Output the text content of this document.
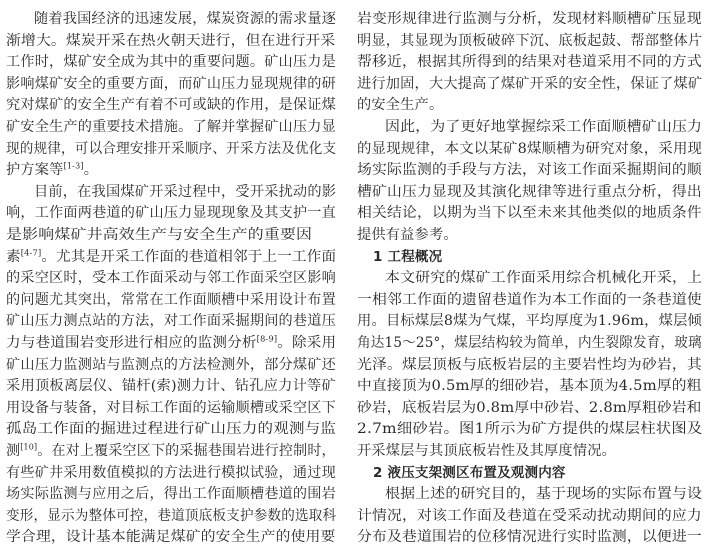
随着我国经济的迅速发展，煤炭资源的需求量逐
渐增大。煤炭开采在热火朝天进行，但在进行开采
工作时，煤矿安全成为其中的重要问题。矿山压力是
影响煤矿安全的重要方面，而矿山压力显现规律的研
究对煤矿的安全生产有着不可或缺的作用，是保证煤
矿安全生产的重要技术措施。了解并掌握矿山压力显
现的规律，可以合理安排开采顺序、开采方法及优化支
护方案等[1-3]。
目前，在我国煤矿开采过程中，受开采扰动的影
响，工作面两巷道的矿山压力显现现象及其支护一直
是影响煤矿井高效生产与安全生产的重要因
素[4-7]。尤其是开采工作面的巷道相邻于上一工作面
的采空区时，受本工作面采动与邻工作面采空区影响
的问题尤其突出，常常在工作面顺槽中采用设计布置
矿山压力测点站的方法，对工作面采掘期间的巷道压
力与巷道围岩变形进行相应的监测分析[8-9]。除采用
矿山压力监测站与监测点的方法检测外，部分煤矿还
采用顶板离层仪、锚杆(索)测力计、钻孔应力计等矿
用设备与装备，对目标工作面的运输顺槽或采空区下
孤岛工作面的掘进过程进行矿山压力的观测与监
测[10]。在对上覆采空区下的采掘巷围岩进行控制时，
有些矿井采用数值模拟的方法进行模拟试验，通过现
场实际监测与应用之后，得出工作面顺槽巷道的围岩
变形，显示为整体可控，巷道顶底板支护参数的选取科
学合理，设计基本能满足煤矿的安全生产的使用要
岩变形规律进行监测与分析，发现材料顺槽矿压显现
明显，其显现为顶板破碎下沉、底板起鼓、帮部整体片
帮移近，根据其所得到的结果对巷道采用不同的方式
进行加固，大大提高了煤矿开采的安全性，保证了煤矿
的安全生产。
因此，为了更好地掌握综采工作面顺槽矿山压力
的显现规律，本文以某矿8煤顺槽为研究对象，采用现
场实际监测的手段与方法，对该工作面采掘期间的顺
槽矿山压力显现及其演化规律等进行重点分析，得出
相关结论，以期为当下以至未来其他类似的地质条件
提供有益参考。
1 工程概况
本文研究的煤矿工作面采用综合机械化开采，上
一相邻工作面的遗留巷道作为本工作面的一条巷道使
用。目标煤层8煤为气煤，平均厚度为1.96m，煤层倾
角达15～25°，煤层结构较为简单，内生裂隙发育，玻璃
光泽。煤层顶板与底板岩层的主要岩性均为砂岩，其
中直接顶为0.5m厚的细砂岩，基本顶为4.5m厚的粗
砂岩，底板岩层为0.8m厚中砂岩、2.8m厚粗砂岩和
2.7m细砂岩。图1所示为矿方提供的煤层柱状图及
开采煤层与其顶底板岩性及其厚度情况。
2 液压支架测区布置及观测内容
根据上述的研究目的，基于现场的实际布置与设
计情况，对该工作面及巷道在受采动扰动期间的应力
分布及巷道围岩的位移情况进行实时监测，以便进一
